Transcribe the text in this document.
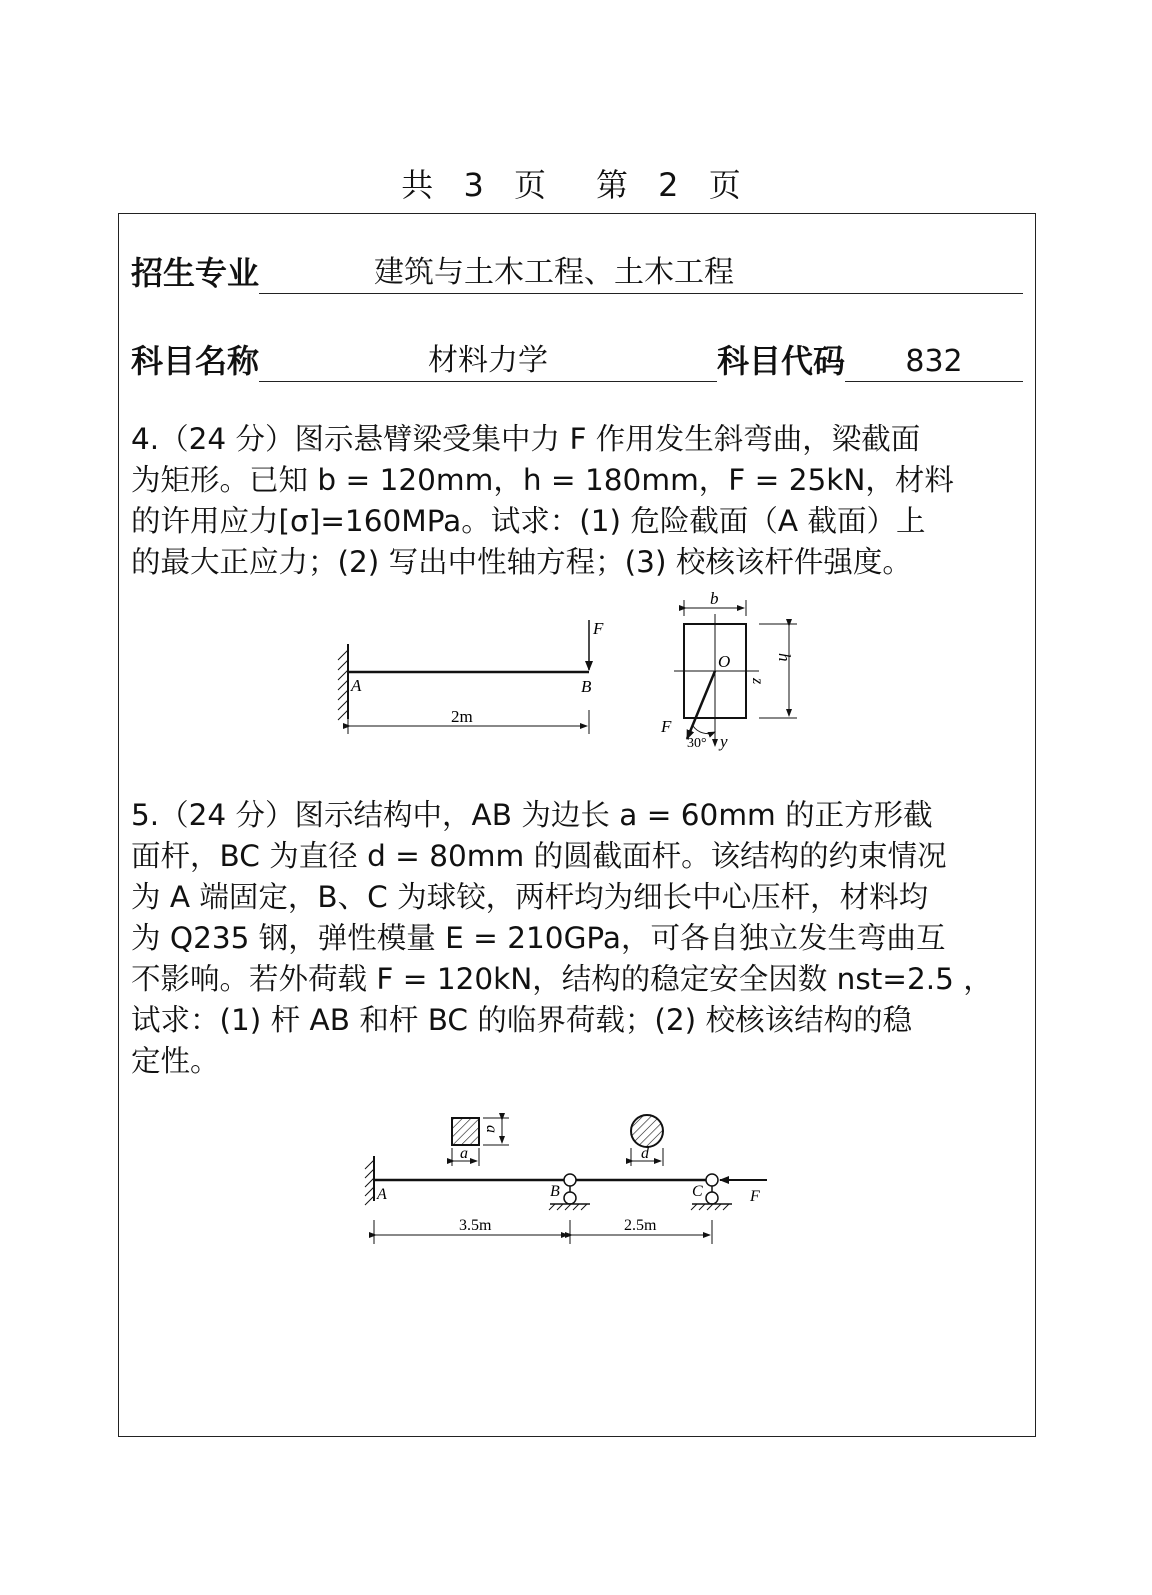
共 3 页 第 2 页
招生专业	建筑与土木工程、土木工程
科目名称	材料力学	科目代码	832
4.（24 分）图示悬臂梁受集中力 F 作用发生斜弯曲，梁截面
为矩形。已知 b = 120mm，h = 180mm，F = 25kN，材料
的许用应力[σ]=160MPa。试求：(1) 危险截面（A 截面）上
的最大正应力；(2) 写出中性轴方程；(3) 校核该杆件强度。
F
A	B
2m
b
O
z
y
F
30°
h
5.（24 分）图示结构中，AB 为边长 a = 60mm 的正方形截
面杆，BC 为直径 d = 80mm 的圆截面杆。该结构的约束情况
为 A 端固定，B、C 为球铰，两杆均为细长中心压杆，材料均
为 Q235 钢，弹性模量 E = 210GPa，可各自独立发生弯曲互
不影响。若外荷载 F = 120kN，结构的稳定安全因数 nst=2.5 ，
试求：(1) 杆 AB 和杆 BC 的临界荷载；(2) 校核该结构的稳
定性。
a
a
d
A	B	C	F
3.5m	2.5m
